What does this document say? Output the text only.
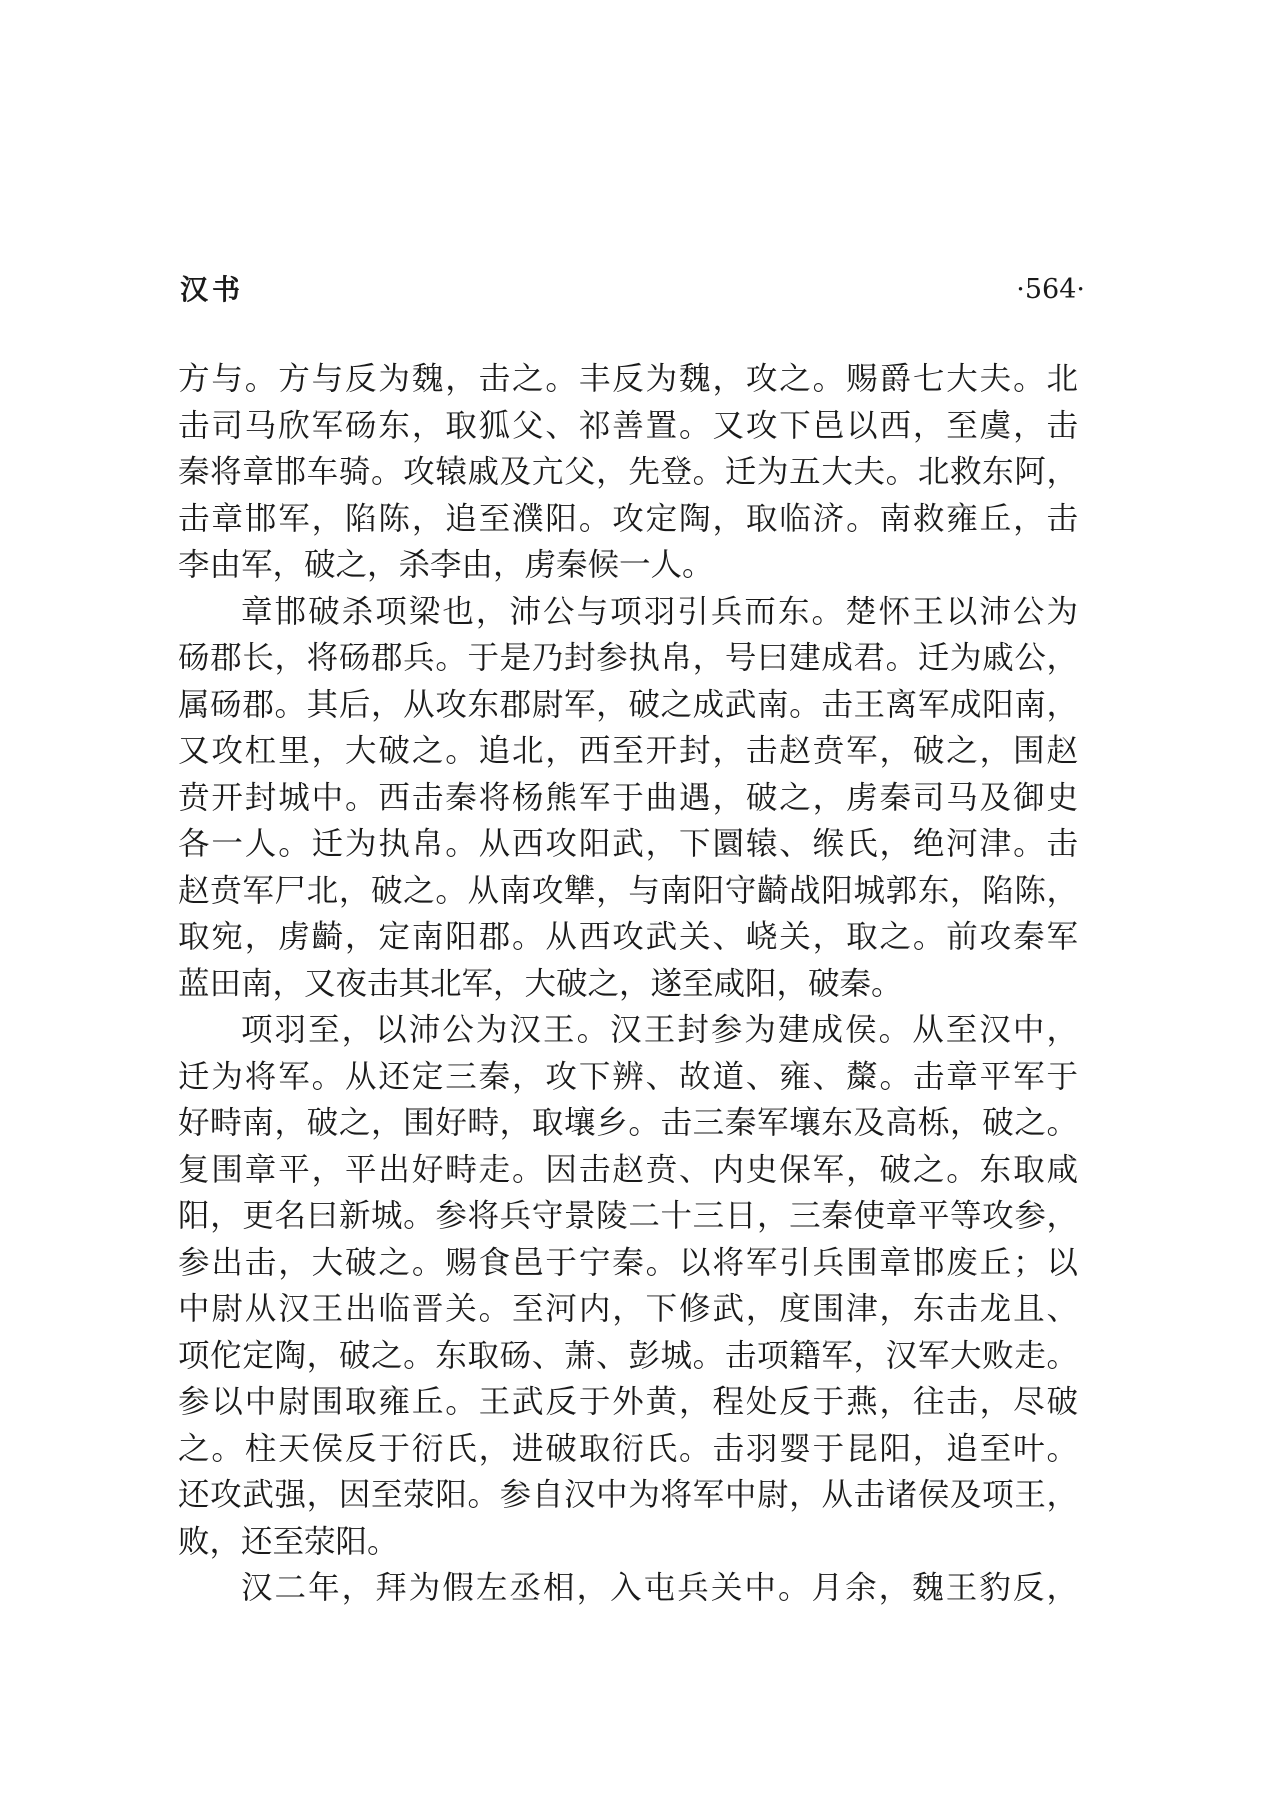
汉书	·564·
方与。方与反为魏，击之。丰反为魏，攻之。赐爵七大夫。北
击司马欣军砀东，取狐父、祁善置。又攻下邑以西，至虞，击
秦将章邯车骑。攻辕戚及亢父，先登。迁为五大夫。北救东阿，
击章邯军，陷陈，追至濮阳。攻定陶，取临济。南救雍丘，击
李由军，破之，杀李由，虏秦候一人。
章邯破杀项梁也，沛公与项羽引兵而东。楚怀王以沛公为
砀郡长，将砀郡兵。于是乃封参执帛，号曰建成君。迁为戚公，
属砀郡。其后，从攻东郡尉军，破之成武南。击王离军成阳南，
又攻杠里，大破之。追北，西至开封，击赵贲军，破之，围赵
贲开封城中。西击秦将杨熊军于曲遇，破之，虏秦司马及御史
各一人。迁为执帛。从西攻阳武，下圜辕、缑氏，绝河津。击
赵贲军尸北，破之。从南攻犨，与南阳守齮战阳城郭东，陷陈，
取宛，虏齮，定南阳郡。从西攻武关、峣关，取之。前攻秦军
蓝田南，又夜击其北军，大破之，遂至咸阳，破秦。
项羽至，以沛公为汉王。汉王封参为建成侯。从至汉中，
迁为将军。从还定三秦，攻下辨、故道、雍、斄。击章平军于
好畤南，破之，围好畤，取壤乡。击三秦军壤东及高栎，破之。
复围章平，平出好畤走。因击赵贲、内史保军，破之。东取咸
阳，更名曰新城。参将兵守景陵二十三日，三秦使章平等攻参，
参出击，大破之。赐食邑于宁秦。以将军引兵围章邯废丘；以
中尉从汉王出临晋关。至河内，下修武，度围津，东击龙且、
项佗定陶，破之。东取砀、萧、彭城。击项籍军，汉军大败走。
参以中尉围取雍丘。王武反于外黄，程处反于燕，往击，尽破
之。柱天侯反于衍氏，进破取衍氏。击羽婴于昆阳，追至叶。
还攻武强，因至荥阳。参自汉中为将军中尉，从击诸侯及项王，
败，还至荥阳。
汉二年，拜为假左丞相，入屯兵关中。月余，魏王豹反，
